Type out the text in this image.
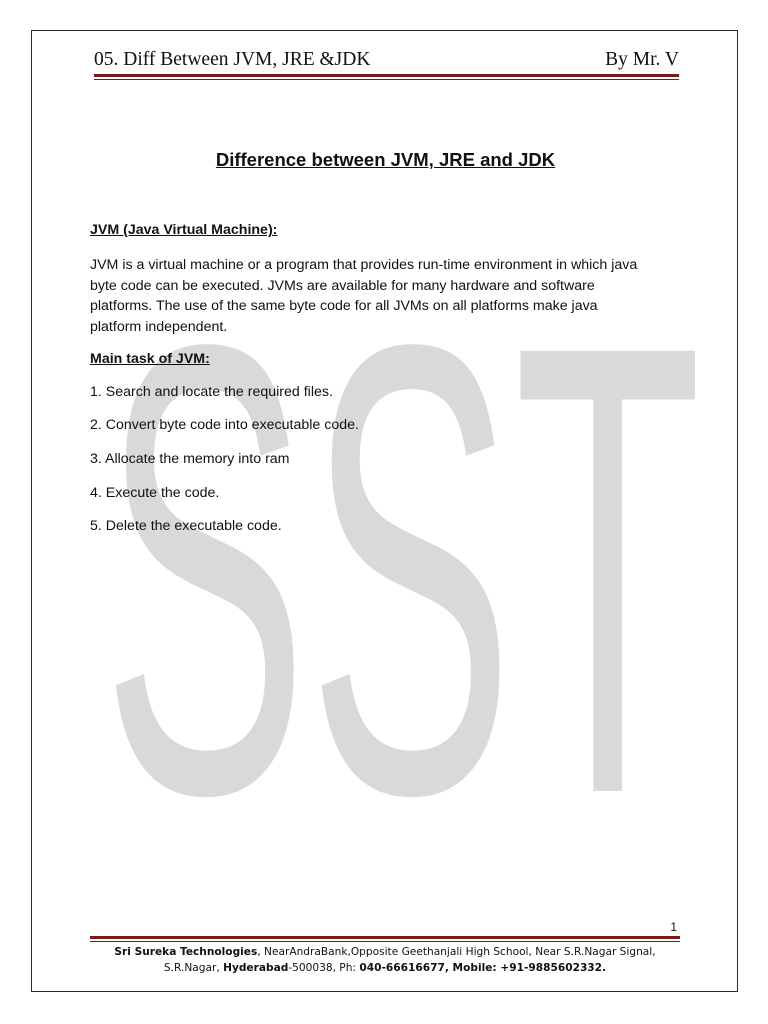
SST
05. Diff Between JVM, JRE &JDK	By Mr. V
Difference between JVM, JRE and JDK
JVM (Java Virtual Machine):
JVM is a virtual machine or a program that provides run-time environment in which java
byte code can be executed. JVMs are available for many hardware and software
platforms. The use of the same byte code for all JVMs on all platforms make java
platform independent.
Main task of JVM:
1. Search and locate the required files.
2. Convert byte code into executable code.
3. Allocate the memory into ram
4. Execute the code.
5. Delete the executable code.
1
Sri Sureka Technologies, NearAndraBank,Opposite Geethanjali High School, Near S.R.Nagar Signal,
S.R.Nagar, Hyderabad-500038, Ph: 040-66616677, Mobile: +91-9885602332.
